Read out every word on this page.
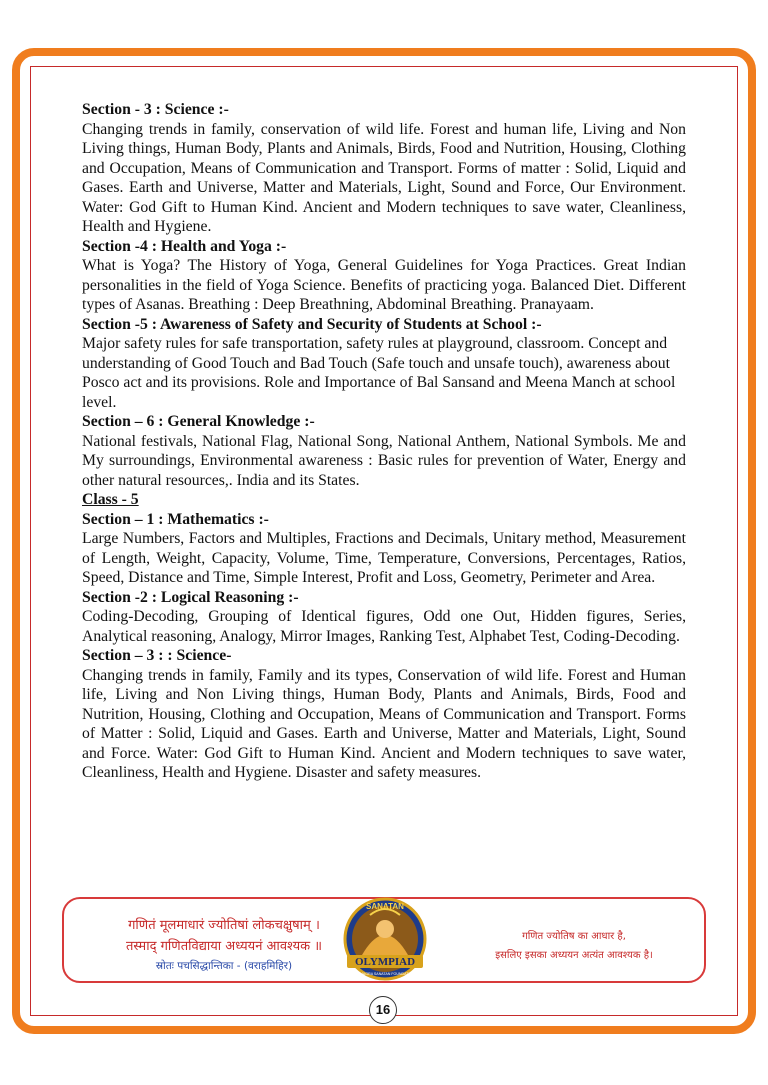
Section - 3 : Science :-
Changing trends in family, conservation of wild life. Forest and human life, Living and Non Living things, Human Body, Plants and Animals, Birds, Food and Nutrition, Housing, Clothing and Occupation, Means of Communication and Transport. Forms of matter : Solid, Liquid and Gases. Earth and Universe, Matter and Materials, Light, Sound and Force, Our Environment. Water: God Gift to Human Kind. Ancient and Modern techniques to save water, Cleanliness, Health and Hygiene.
Section -4 : Health and Yoga :-
What is Yoga? The History of Yoga, General Guidelines for Yoga Practices. Great Indian personalities in the field of Yoga Science. Benefits of practicing yoga. Balanced Diet. Different types of Asanas. Breathing : Deep Breathning, Abdominal Breathing. Pranayaam.
Section -5 : Awareness of Safety and Security of Students at School :-
Major safety rules for safe transportation, safety rules at playground, classroom. Concept and understanding of Good Touch and Bad Touch (Safe touch and unsafe touch), awareness about Posco act and its provisions. Role and Importance of Bal Sansand and Meena Manch at school level.
Section – 6 : General Knowledge :-
National festivals, National Flag, National Song, National Anthem, National Symbols. Me and My surroundings, Environmental awareness : Basic rules for prevention of Water, Energy and other natural resources,. India and its States.
Class - 5
Section – 1 : Mathematics :-
Large Numbers, Factors and Multiples, Fractions and Decimals, Unitary method, Measurement of Length, Weight, Capacity, Volume, Time, Temperature, Conversions, Percentages, Ratios, Speed, Distance and Time, Simple Interest, Profit and Loss, Geometry, Perimeter and Area.
Section -2 : Logical Reasoning :-
Coding-Decoding, Grouping of Identical figures, Odd one Out, Hidden figures, Series, Analytical reasoning, Analogy, Mirror Images, Ranking Test, Alphabet Test, Coding-Decoding.
Section – 3 : : Science-
Changing trends in family, Family and its types, Conservation of wild life. Forest and Human life, Living and Non Living things, Human Body, Plants and Animals, Birds, Food and Nutrition, Housing, Clothing and Occupation, Means of Communication and Transport. Forms of Matter : Solid, Liquid and Gases. Earth and Universe, Matter and Materials, Light, Sound and Force. Water: God Gift to Human Kind. Ancient and Modern techniques to save water, Cleanliness, Health and Hygiene. Disaster and safety measures.
गणितं मूलमाधारं ज्योतिषां लोकचक्षुषाम् ।
तस्माद् गणितविद्याया अध्ययनं आवश्यक ॥
स्रोतः पचसिद्धान्तिका - (वराहमिहिर)
SANATAN
OLYMPIAD
SAMAGRA SANATAN FOUNDATION
गणित ज्योतिष का आधार है,
इसलिए इसका अध्ययन अत्यंत आवश्यक है।
16
